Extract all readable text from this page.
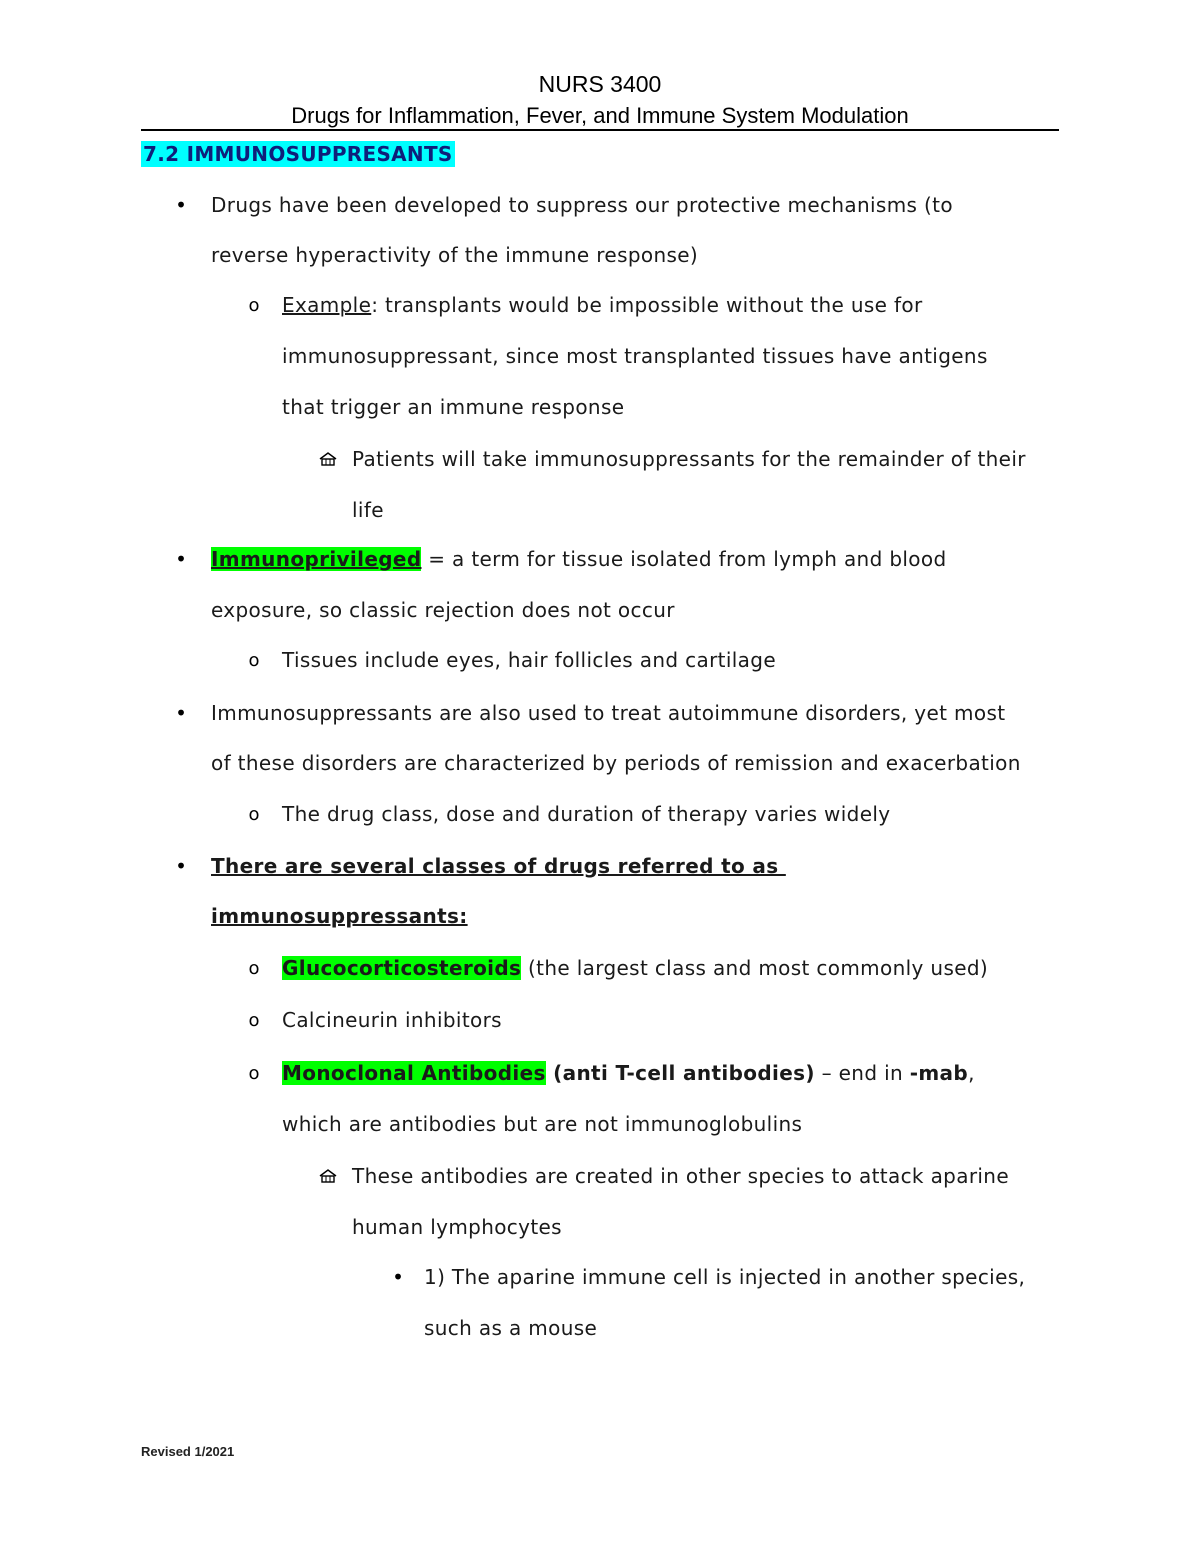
NURS 3400
Drugs for Inflammation, Fever, and Immune System Modulation
7.2 IMMUNOSUPPRESANTS
• Drugs have been developed to suppress our protective mechanisms (to
reverse hyperactivity of the immune response)
o Example: transplants would be impossible without the use for
immunosuppressant, since most transplanted tissues have antigens
that trigger an immune response
Patients will take immunosuppressants for the remainder of their
life
• Immunoprivileged = a term for tissue isolated from lymph and blood
exposure, so classic rejection does not occur
o Tissues include eyes, hair follicles and cartilage
• Immunosuppressants are also used to treat autoimmune disorders, yet most
of these disorders are characterized by periods of remission and exacerbation
o The drug class, dose and duration of therapy varies widely
• There are several classes of drugs referred to as
immunosuppressants:
o Glucocorticosteroids (the largest class and most commonly used)
o Calcineurin inhibitors
o Monoclonal Antibodies (anti T-cell antibodies) – end in -mab,
which are antibodies but are not immunoglobulins
These antibodies are created in other species to attack aparine
human lymphocytes
• 1) The aparine immune cell is injected in another species,
such as a mouse
Revised 1/2021
